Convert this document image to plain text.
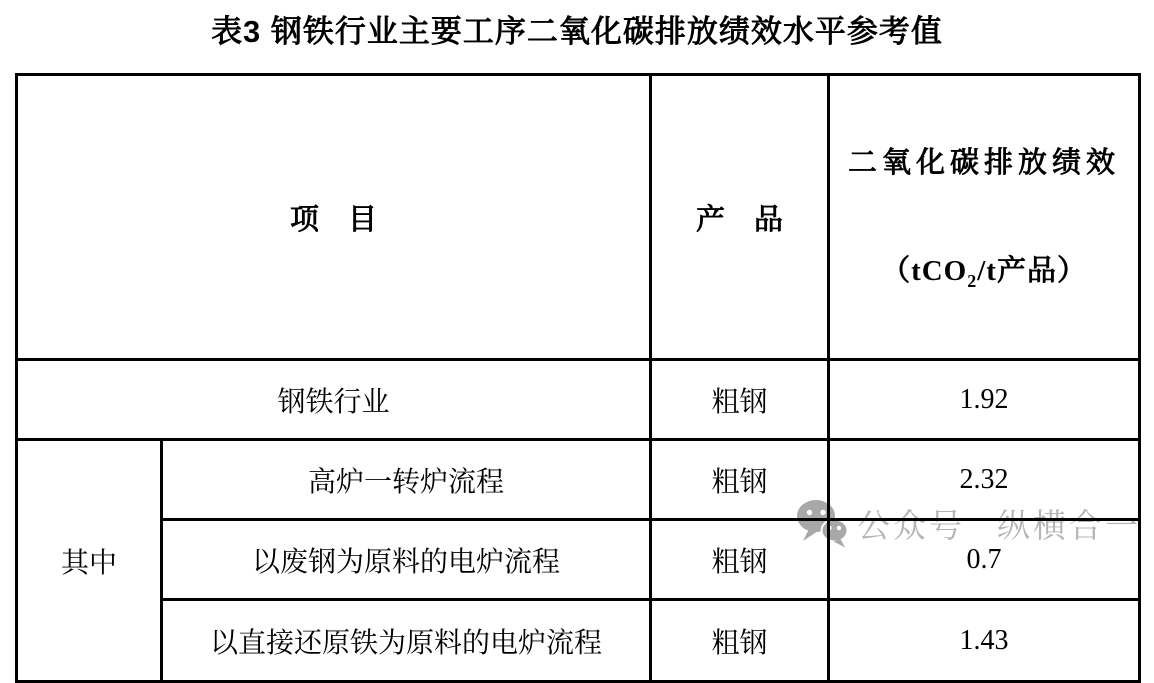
表3 钢铁行业主要工序二氧化碳排放绩效水平参考值
公众号 纵横合一
项　目		产　品	二氧化碳排放绩效

（tCO$_2$/t产品）

钢铁行业		粗钢	1.92
其中	高炉一转炉流程	粗钢	2.32
	以废钢为原料的电炉流程	粗钢	0.7
	以直接还原铁为原料的电炉流程	粗钢	1.43
